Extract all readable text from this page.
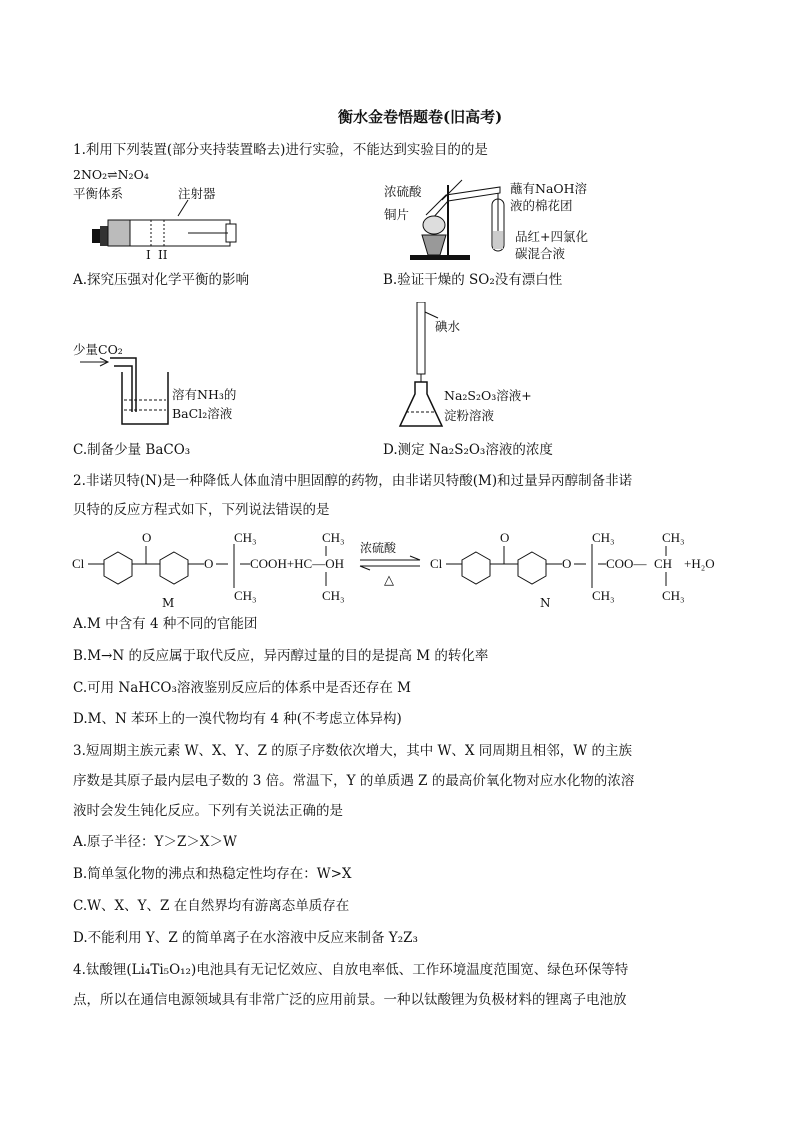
衡水金卷悟题卷(旧高考)
1.利用下列装置(部分夹持装置略去)进行实验，不能达到实验目的的是
2NO₂⇌N₂O₄
平衡体系	注射器
I II
A.探究压强对化学平衡的影响
浓硫酸
铜片
蘸有NaOH溶液的棉花团
品红+四氯化碳混合液
B.验证干燥的 SO₂没有漂白性
少量CO₂
溶有NH₃的
BaCl₂溶液
C.制备少量 BaCO₃
碘水
Na₂S₂O₃溶液+
淀粉溶液
D.测定 Na₂S₂O₃溶液的浓度
2.非诺贝特(N)是一种降低人体血清中胆固醇的药物，由非诺贝特酸(M)和过量异丙醇制备非诺
贝特的反应方程式如下，下列说法错误的是
Cl
O
O
CH₃
CH₃
COOH+HC—OH
CH₃
CH₃
浓硫酸
△
Cl
O
O
CH₃
CH₃
COO— CH
CH₃
CH₃
+H₂O
M	N
A.M 中含有 4 种不同的官能团
B.M→N 的反应属于取代反应，异丙醇过量的目的是提高 M 的转化率
C.可用 NaHCO₃溶液鉴别反应后的体系中是否还存在 M
D.M、N 苯环上的一溴代物均有 4 种(不考虑立体异构)
3.短周期主族元素 W、X、Y、Z 的原子序数依次增大，其中 W、X 同周期且相邻，W 的主族
序数是其原子最内层电子数的 3 倍。常温下，Y 的单质遇 Z 的最高价氧化物对应水化物的浓溶
液时会发生钝化反应。下列有关说法正确的是
A.原子半径：Y＞Z＞X＞W
B.简单氢化物的沸点和热稳定性均存在：W>X
C.W、X、Y、Z 在自然界均有游离态单质存在
D.不能利用 Y、Z 的简单离子在水溶液中反应来制备 Y₂Z₃
4.钛酸锂(Li₄Ti₅O₁₂)电池具有无记忆效应、自放电率低、工作环境温度范围宽、绿色环保等特
点，所以在通信电源领域具有非常广泛的应用前景。一种以钛酸锂为负极材料的锂离子电池放
